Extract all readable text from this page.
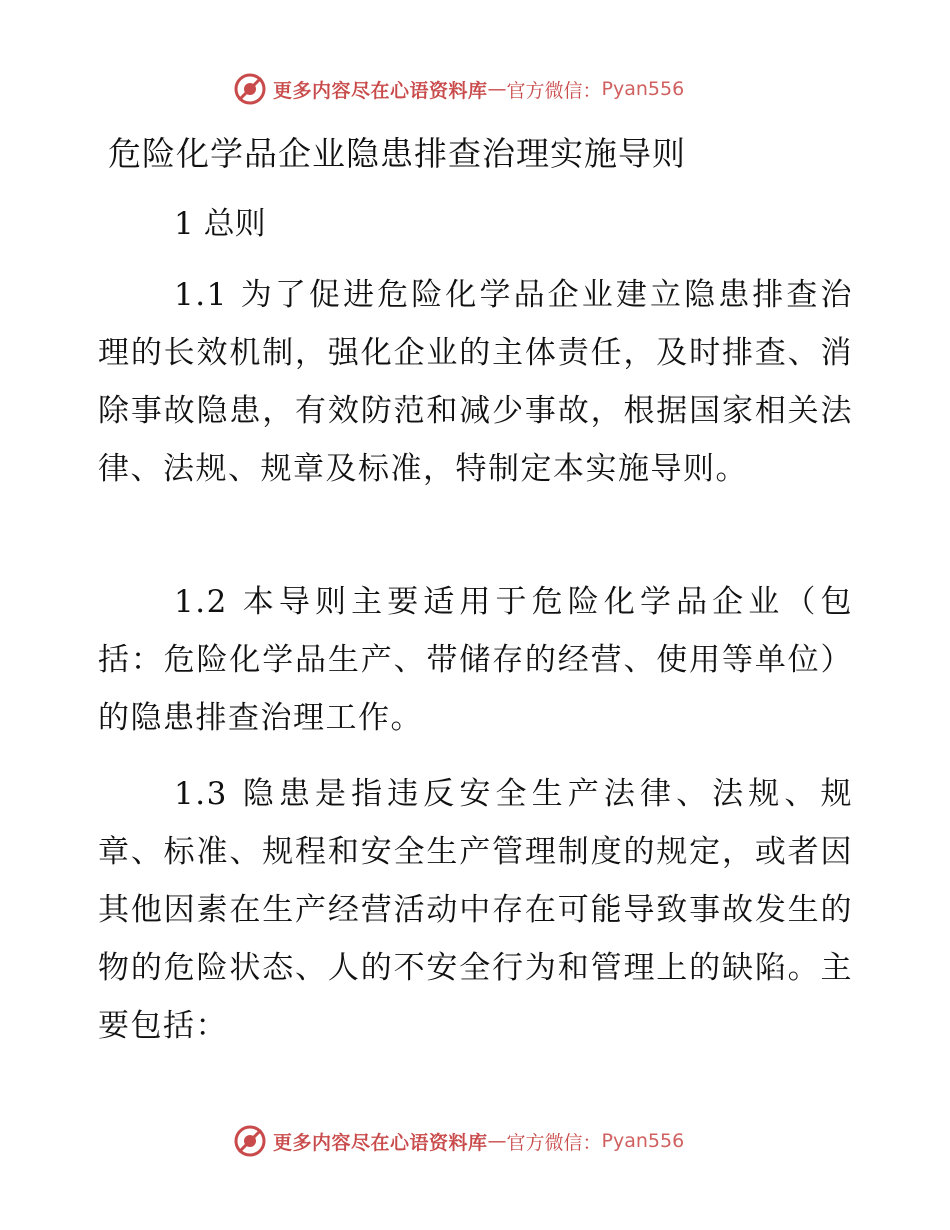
更多内容尽在心语资料库 — 官方微信： Pyan556
危险化学品企业隐患排查治理实施导则
1 总则

1.1 为了促进危险化学品企业建立隐患排查治理的长效机制，强化企业的主体责任，及时排查、消除事故隐患，有效防范和减少事故，根据国家相关法律、法规、规章及标准，特制定本实施导则。

1.2 本导则主要适用于危险化学品企业（包括：危险化学品生产、带储存的经营、使用等单位）的隐患排查治理工作。

1.3 隐患是指违反安全生产法律、法规、规章、标准、规程和安全生产管理制度的规定，或者因其他因素在生产经营活动中存在可能导致事故发生的物的危险状态、人的不安全行为和管理上的缺陷。主要包括：

更多内容尽在心语资料库 — 官方微信： Pyan556
